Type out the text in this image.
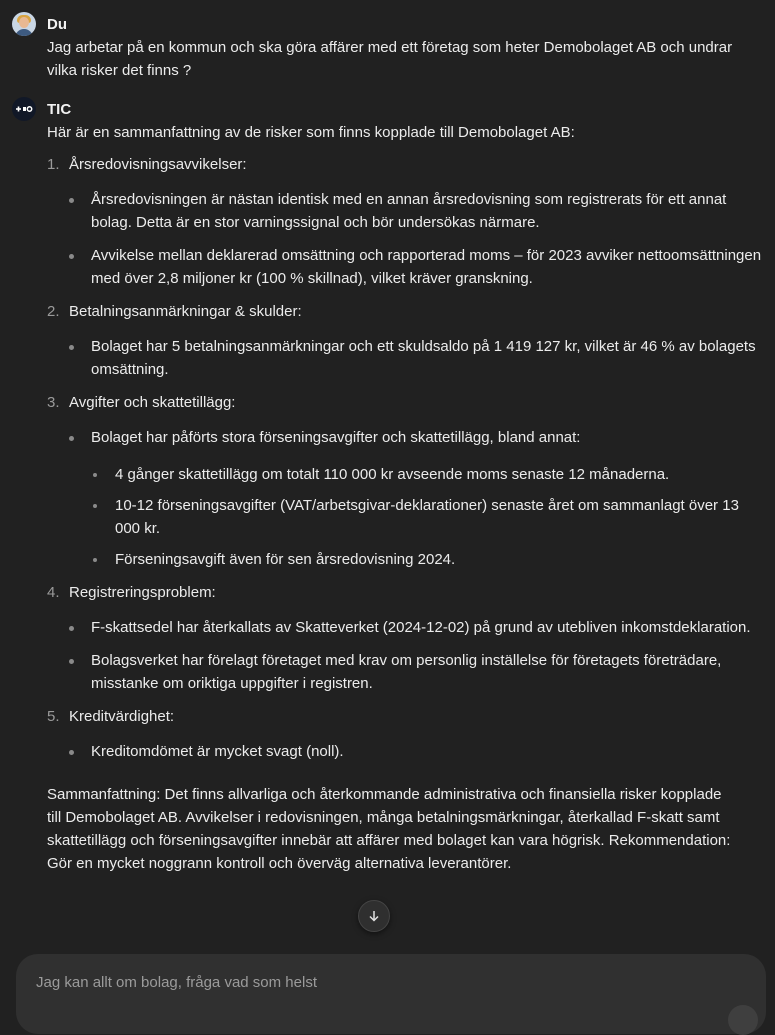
Du
Jag arbetar på en kommun och ska göra affärer med ett företag som heter Demobolaget AB och undrar vilka risker det finns ?
TIC
Här är en sammanfattning av de risker som finns kopplade till Demobolaget AB:
1. Årsredovisningsavvikelser:
Årsredovisningen är nästan identisk med en annan årsredovisning som registrerats för ett annat bolag. Detta är en stor varningssignal och bör undersökas närmare.
Avvikelse mellan deklarerad omsättning och rapporterad moms – för 2023 avviker nettoomsättningen med över 2,8 miljoner kr (100 % skillnad), vilket kräver granskning.
2. Betalningsanmärkningar & skulder:
Bolaget har 5 betalningsanmärkningar och ett skuldsaldo på 1 419 127 kr, vilket är 46 % av bolagets omsättning.
3. Avgifter och skattetillägg:
Bolaget har påförts stora förseningsavgifter och skattetillägg, bland annat:
4 gånger skattetillägg om totalt 110 000 kr avseende moms senaste 12 månaderna.
10-12 förseningsavgifter (VAT/arbetsgivar-deklarationer) senaste året om sammanlagt över 13 000 kr.
Förseningsavgift även för sen årsredovisning 2024.
4. Registreringsproblem:
F-skattsedel har återkallats av Skatteverket (2024-12-02) på grund av utebliven inkomstdeklaration.
Bolagsverket har förelagt företaget med krav om personlig inställelse för företagets företrädare, misstanke om oriktiga uppgifter i registren.
5. Kreditvärdighet:
Kreditomdömet är mycket svagt (noll).
Sammanfattning: Det finns allvarliga och återkommande administrativa och finansiella risker kopplade till Demobolaget AB. Avvikelser i redovisningen, många betalningsmärkningar, återkallad F-skatt samt skattetillägg och förseningsavgifter innebär att affärer med bolaget kan vara högrisk. Rekommendation: Gör en mycket noggrann kontroll och överväg alternativa leverantörer.
Jag kan allt om bolag, fråga vad som helst
